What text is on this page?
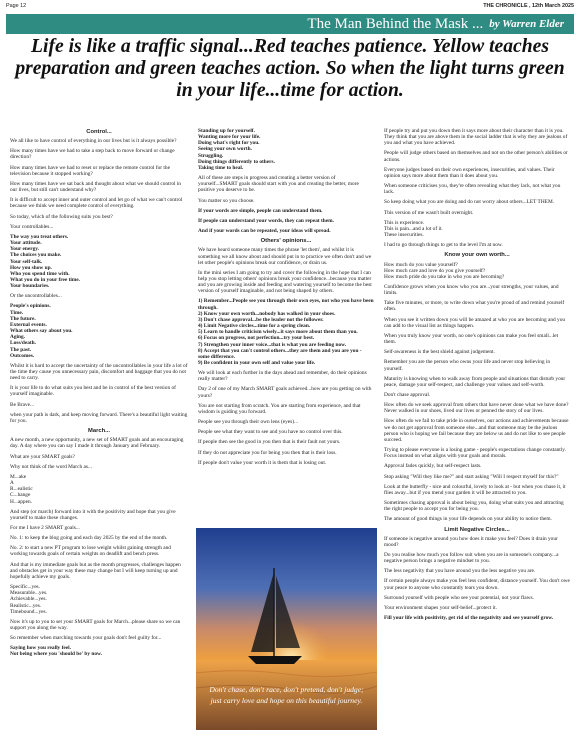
Page 12	THE CHRONICLE , 12th March 2025
The Man Behind the Mask ... by Warren Elder
Life is like a traffic signal...Red teaches patience. Yellow teaches preparation and green teaches action. So when the light turns green in your life...time for action.
Control...

We all like to have control of everything in our lives but is it always possible?

How many times have we had to take a step back to move forward or change direction?

How many times have we had to reset or replace the remote control for the television because it stopped working?

How many times have we sat back and thought about what we should control in our lives, but still can't understand why?

It is difficult to accept inner and outer control and let go of what we can't control because we think we need complete control of everything.

So today, which of the following suits you best?

Your controllables...

The way you treat others.
Your attitude.
Your energy.
The choices you make.
Your self-talk.
How you show up.
Who you spend time with.
What you do in your free time.
Your boundaries.

Or the uncontrollables...

People's opinions.
Time.
The future.
External events.
What others say about you.
Aging.
Loss/death.
The past.
Outcomes.

Whilst it is hard to accept the uncertainty of the uncontrollables in your life a lot of the time they cause you unnecessary pain, discomfort and baggage that you do not need to carry.

It is your life to do what suits you best and be in control of the best version of yourself imaginable.

Be Brave...

when your path is dark, and keep moving forward. There's a beautiful light waiting for you.

March...

A new month, a new opportunity, a new set of SMART goals and an encouraging day. A day where you can say I made it through January and February.

What are your SMART goals?

Why not think of the word March as...

M...ake
A
R...ealistic
C...hange
H...appen.

And step (or march) forward into it with the positivity and hope that you give yourself to make these changes.

For me I have 2 SMART goals...

No. 1: to keep the blog going and each day 2025 by the end of the month.

No. 2: to start a new PT program to lose weight whilst gaining strength and working towards goals of certain weights on deadlift and bench press.

And that is my immediate goals but as the month progresses, challenges happen and obstacles get in your way these may change but I will keep turning up and hopefully achieve my goals.

Specific...yes.
Measurable...yes.
Achievable...yes.
Realistic...yes.
Timebound...yes.

Now it's up to you to set your SMART goals for March...please share so we can support you along the way.

So remember when marching towards your goals don't feel guilty for...

Saying how you really feel.
Not being where you 'should be' by now.
Standing up for yourself.
Wanting more for your life.
Doing what's right for you.
Seeing your own worth.
Struggling.
Doing things differently to others.
Taking time to heal.

All of these are steps in progress and creating a better version of yourself...SMART goals should start with you and creating the better, more positive you deserve to be.

You matter so you choose.

If your words are simple, people can understand them.

If people can understand your words, they can repeat them.

And if your words can be repeated, your ideas will spread.

Others' opinions...

We have heard someone many times the phrase 'let them', and whilst it is something we all know about and should put in to practice we often don't and we let other people's opinions break our confidence, or drain us.

In the mini series I am going to try and cover the following in the hope that I can help you stop letting others' opinions break your confidence...because you matter and you are growing inside and feeding and watering yourself to become the best version of yourself imaginable, and not being shaped by others.

1) Remember...People see you through their own eyes, not who you have been through.
2) Know your own worth...nobody has walked in your shoes.
3) Don't chase approval...be the leader not the follower.
4) Limit Negative circles...time for a spring clean.
5) Learn to handle criticism wisely...it says more about them than you.
6) Focus on progress, not perfection...try your best.
7) Strengthen your inner voice...that is what you are feeding now.
8) Accept that you can't control others...they are them and you are you - some difference.
9) Be confident in your own self and value your life.

We will look at each further in the days ahead and remember, do their opinions really matter?

Day 2 of one of my March SMART goals achieved...how are you getting on with yours?

You are not starting from scratch. You are starting from experience, and that wisdom is guiding you forward.

People see you through their own lens (eyes)...

People see what they want to see and you have no control over this.

If people then see the good in you then that is their fault not yours.

If they do not appreciate you for being you then that is their loss.

If people don't value your worth it is them that is losing out.

Don't chase, don't race, don't pretend, don't judge; just carry love and hope on this beautiful journey.

If people try and put you down then it says more about their character than it is you. They think that you are above them in the social ladder that is why they are jealous of you and what you have achieved.

People will judge others based on themselves and not on the other person's abilities or actions.

Everyone judges based on their own experiences, insecurities, and values. Their opinion says more about them than it does about you.

When someone criticises you, they're often revealing what they lack, not what you lack.

So keep doing what you are doing and do not worry about others...LET THEM.

This version of me wasn't built overnight.

This is experience.
This is pain...and a lot of it.
These insecurities.

I had to go through things to get to the level I'm at now.

Know your own worth...
How much do you value yourself?
How much care and love do you give yourself?
How much pride do you take in who you are becoming?

Confidence grows when you know who you are...your strengths, your values, and limits.

Take five minutes, or more, to write down what you're proud of and remind yourself often.

When you see it written down you will be amazed at who you are becoming and you can add to the visual list as things happen.

When you truly know your worth, no one's opinions can make you feel small...let them.

Self-awareness is the best shield against judgement.

Remember you are the person who owns your life and never stop believing in yourself.

Maturity is knowing when to walk away from people and situations that disturb your peace, damage your self-respect, and challenge your values and self-worth.

Don't chase approval.

How often do we seek approval from others that have never done what we have done? Never walked in our shoes, lived our lives or penned the story of our lives.

How often do we fail to take pride in ourselves, our actions and achievements because we do not get approval from someone else...and that someone may be the jealous person who is hoping we fail because they are below us and do not like to see people succeed.

Trying to please everyone is a losing game - people's expectations change constantly. Focus instead on what aligns with your goals and morals.

Approval fades quickly, but self-respect lasts.

Stop asking "Will they like me?" and start asking "Will I respect myself for this?"

Look at the butterfly - nice and colourful, lovely to look at - but when you chase it, it flies away...but if you mend your garden it will be attracted to you.

Sometimes chasing approval is about being you, doing what suits you and attracting the right people to accept you for being you.

The amount of good things in your life depends on your ability to notice them.

Limit Negative Circles...

If someone is negative around you how does it make you feel? Does it drain your mood?

Do you realise how much you follow suit when you are in someone's company...a negative person brings a negative mindset to you.

The less negativity that you have around you the less negative you are.

If certain people always make you feel less confident, distance yourself. You don't owe your peace to anyone who constantly tears you down.

Surround yourself with people who see your potential, not your flaws.

Your environment shapes your self-belief...protect it.

Fill your life with positivity, get rid of the negativity and see yourself grow.
